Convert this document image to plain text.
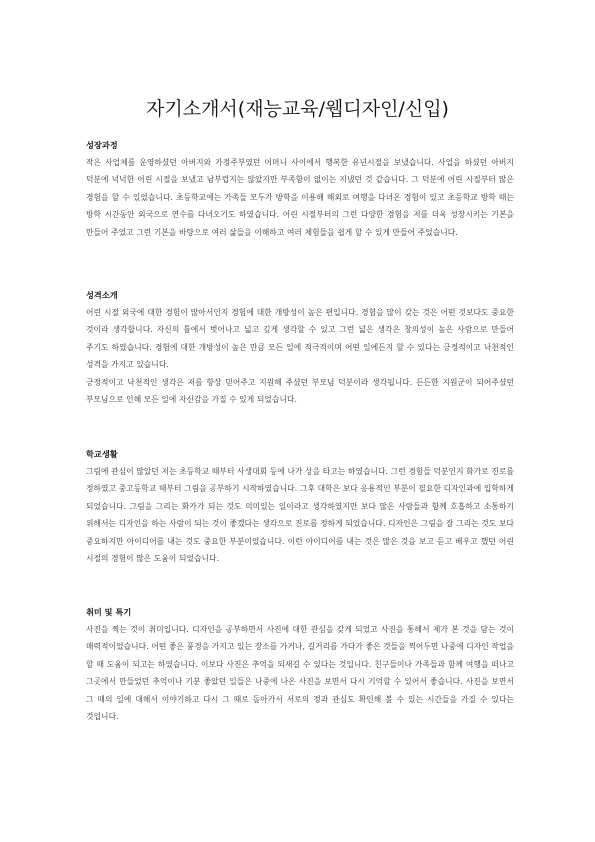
자기소개서(재능교육/웹디자인/신입)
성장과정

작은 사업체를 운영하셨던 아버지와 가정주부였던 어머니 사이에서 행복한 유년시절을 보냈습니다. 사업을 하셨던 아버지 덕분에 넉넉한 어린 시절을 보냈고 남부럽지는 않았지만 부족함이 없이는 지냈던 것 같습니다. 그 덕분에 어린 시절부터 많은 경험을 할 수 있었습니다. 초등학교에는 가족들 모두가 방학을 이용해 해외로 여행을 다녀온 경험이 있고 초등학교 방학 때는 방학 시간동안 외국으로 연수를 다녀오기도 하였습니다. 어린 시절부터의 그런 다양한 경험을 저를 더욱 성장시키는 기본을 만들어 주었고 그런 기본을 바탕으로 여러 삶들을 이해하고 여러 체험들을 쉽게 할 수 있게 만들어 주었습니다.

성격소개

어린 시절 외국에 대한 경험이 많아서인지 경험에 대한 개방성이 높은 편입니다. 경험을 많이 갖는 것은 어떤 것보다도 중요한 것이라 생각합니다. 자신의 틀에서 벗어나고 넓고 깊게 생각할 수 있고 그런 넓은 생각은 창의성이 높은 사람으로 만들어 주기도 하였습니다. 경험에 대한 개방성이 높은 만큼 모든 일에 적극적이며 어떤 일에든지 할 수 있다는 긍정적이고 낙천적인 성격을 가지고 있습니다.

긍정적이고 낙천적인 생각은 저를 항상 믿어주고 지원해 주셨던 부모님 덕분이라 생각됩니다. 든든한 지원군이 되어주셨던 부모님으로 인해 모든 일에 자신감을 가질 수 있게 되었습니다.

학교생활

그림에 관심이 많았던 저는 초등학교 때부터 사생대회 등에 나가 상을 타고는 하였습니다. 그런 경험들 덕분인지 화가로 진로를 정하였고 중고등학교 때부터 그림을 공부하기 시작하였습니다. 그후 대학은 보다 응용적인 부분이 필요한 디자인과에 입학하게 되었습니다. 그림을 그리는 화가가 되는 것도 의미있는 일이라고 생각하였지만 보다 많은 사람들과 함께 호흡하고 소통하기 위해서는 디자인을 하는 사람이 되는 것이 좋겠다는 생각으로 진로를 정하게 되었습니다. 디자인은 그림을 잘 그리는 것도 보다 중요하지만 아이디어를 내는 것도 중요한 부분이었습니다. 이런 아이디어를 내는 것은 많은 것을 보고 듣고 배우고 했던 어린 시절의 경험이 많은 도움이 되었습니다.

취미 및 특기

사진을 찍는 것이 취미입니다. 디자인을 공부하면서 사진에 대한 관심을 갖게 되었고 사진을 통해서 제가 본 것을 담는 것이 매력적이었습니다. 어떤 좋은 풍경을 가지고 있는 장소를 가거나, 길거리를 가다가 좋은 것들을 찍어두면 나중에 디자인 작업을 할 때 도움이 되고는 하였습니다. 이보다 사진은 추억을 되새길 수 있다는 것입니다. 친구들이나 가족들과 함께 여행을 떠나고 그곳에서 만들었던 추억이나 기분 좋았던 일들은 나중에 나온 사진을 보면서 다시 기억할 수 있어서 좋습니다. 사진을 보면서 그 때의 일에 대해서 이야기하고 다시 그 때로 돌아가서 서로의 정과 관심도 확인해 볼 수 있는 시간들을 가질 수 있다는 것입니다.
